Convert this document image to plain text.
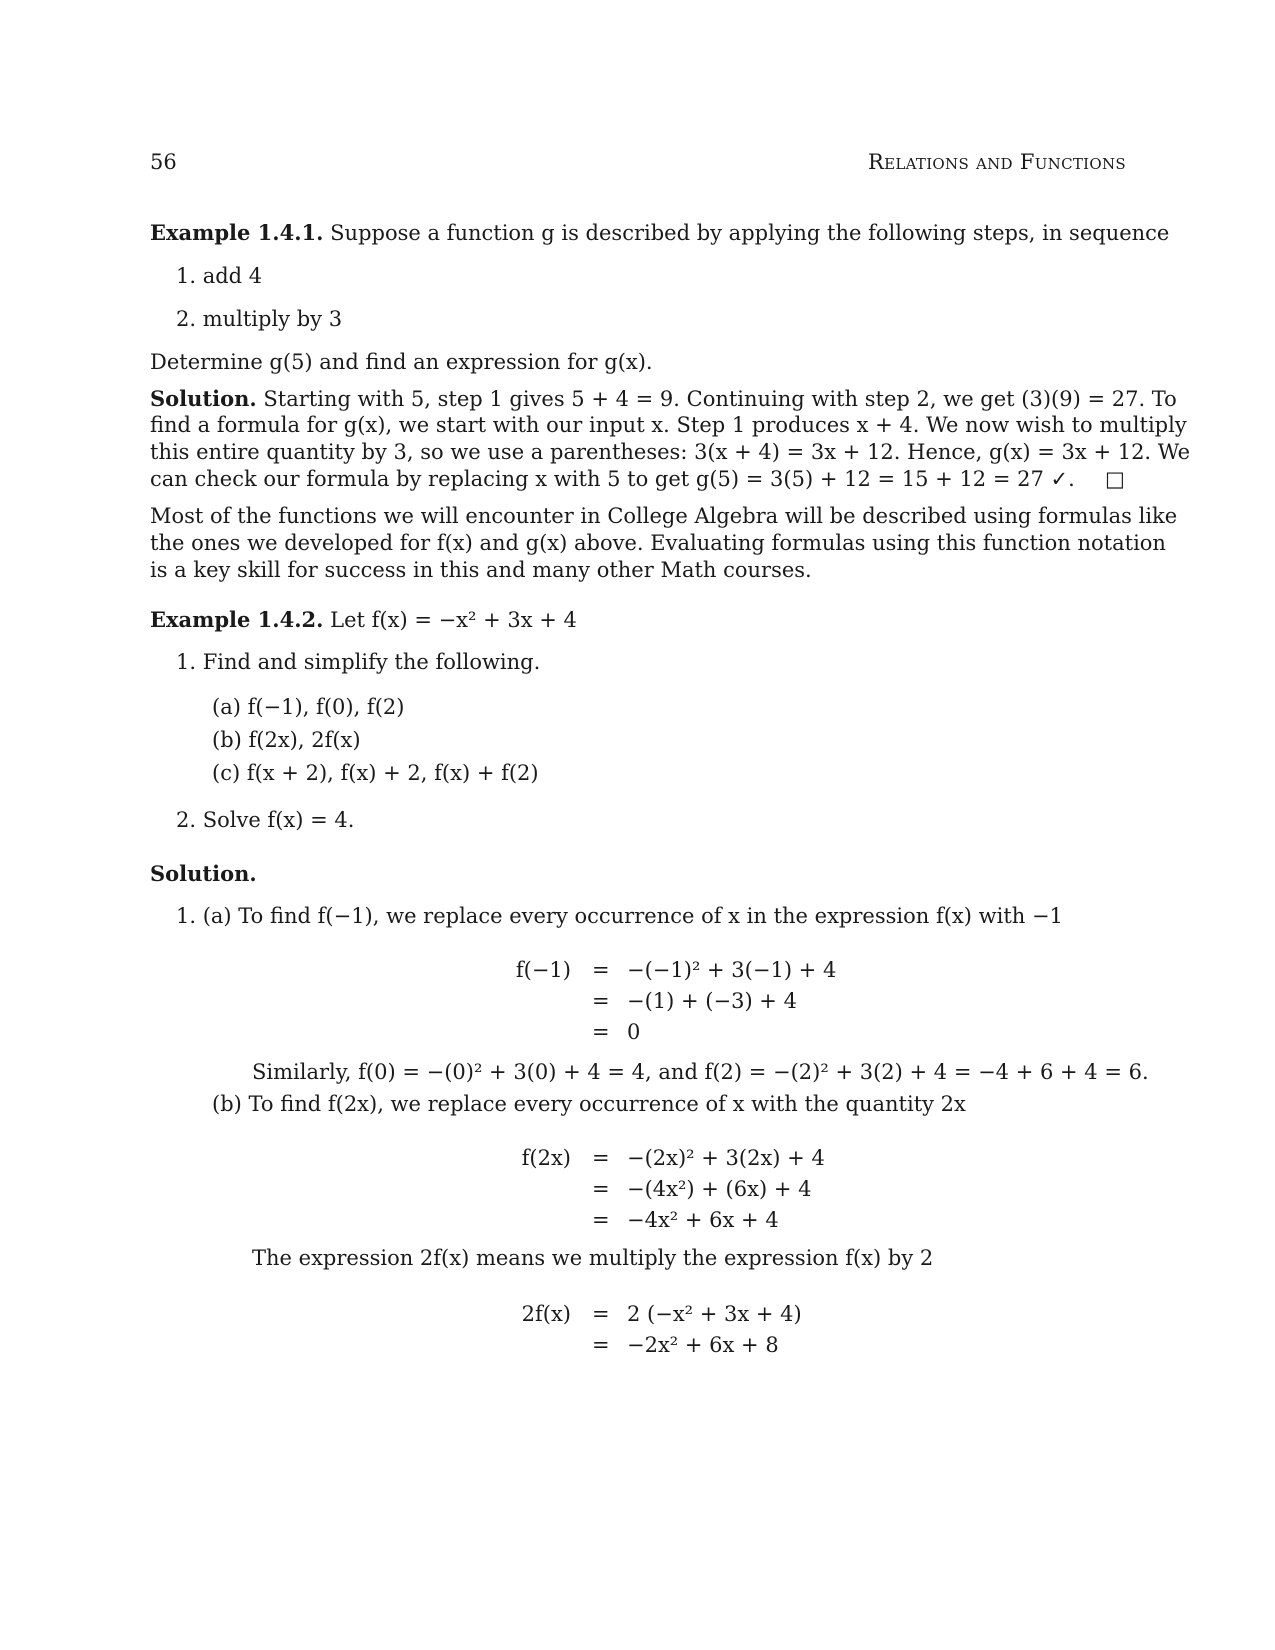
56	Relations and Functions
Example 1.4.1. Suppose a function g is described by applying the following steps, in sequence
1. add 4
2. multiply by 3
Determine g(5) and find an expression for g(x).
Solution. Starting with 5, step 1 gives 5 + 4 = 9. Continuing with step 2, we get (3)(9) = 27. To
find a formula for g(x), we start with our input x. Step 1 produces x + 4. We now wish to multiply
this entire quantity by 3, so we use a parentheses: 3(x + 4) = 3x + 12. Hence, g(x) = 3x + 12. We
can check our formula by replacing x with 5 to get g(5) = 3(5) + 12 = 15 + 12 = 27 ✓. □
Most of the functions we will encounter in College Algebra will be described using formulas like
the ones we developed for f(x) and g(x) above. Evaluating formulas using this function notation
is a key skill for success in this and many other Math courses.
Example 1.4.2. Let f(x) = −x² + 3x + 4
1. Find and simplify the following.
(a) f(−1), f(0), f(2)
(b) f(2x), 2f(x)
(c) f(x + 2), f(x) + 2, f(x) + f(2)
2. Solve f(x) = 4.
Solution.
1. (a) To find f(−1), we replace every occurrence of x in the expression f(x) with −1
f(−1) = −(−1)² + 3(−1) + 4
= −(1) + (−3) + 4
= 0
Similarly, f(0) = −(0)² + 3(0) + 4 = 4, and f(2) = −(2)² + 3(2) + 4 = −4 + 6 + 4 = 6.
(b) To find f(2x), we replace every occurrence of x with the quantity 2x
f(2x) = −(2x)² + 3(2x) + 4
= −(4x²) + (6x) + 4
= −4x² + 6x + 4
The expression 2f(x) means we multiply the expression f(x) by 2
2f(x) = 2 (−x² + 3x + 4)
= −2x² + 6x + 8
